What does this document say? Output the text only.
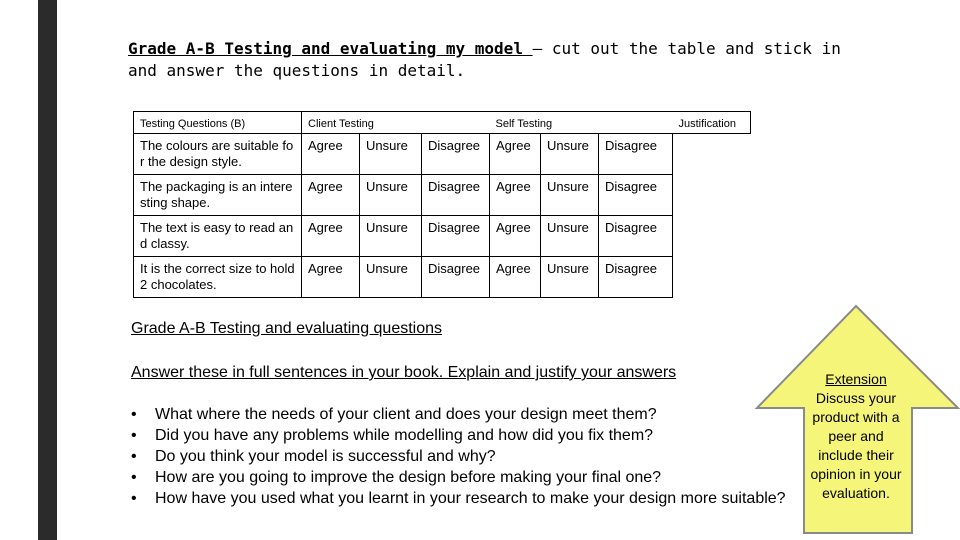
Grade A-B Testing and evaluating my model – cut out the table and stick in and answer the questions in detail.
Testing Questions (B)	Client Testing			Self Testing			Justification
The colours are suitable for the design style.	Agree	Unsure	Disagree	Agree	Unsure	Disagree	
The packaging is an interesting shape.	Agree	Unsure	Disagree	Agree	Unsure	Disagree	
The text is easy to read and classy.	Agree	Unsure	Disagree	Agree	Unsure	Disagree	
It is the correct size to hold 2 chocolates.	Agree	Unsure	Disagree	Agree	Unsure	Disagree	
Grade A-B Testing and evaluating questions
Answer these in full sentences in your book. Explain and justify your answers
• What where the needs of your client and does your design meet them?
• Did you have any problems while modelling and how did you fix them?
• Do you think your model is successful and why?
• How are you going to improve the design before making your final one?
• How have you used what you learnt in your research to make your design more suitable?
Extension
Discuss your product with a peer and include their opinion in your evaluation.
